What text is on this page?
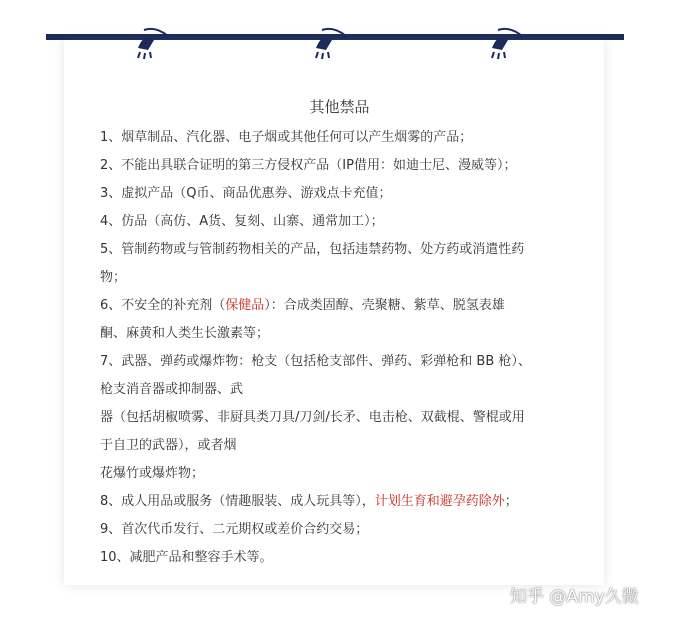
其他禁品
1、烟草制品、汽化器、电子烟或其他任何可以产生烟雾的产品；
2、不能出具联合证明的第三方侵权产品（IP借用：如迪士尼、漫威等）；
3、虚拟产品（Q币、商品优惠券、游戏点卡充值；
4、仿品（高仿、A货、复刻、山寨、通常加工）；
5、管制药物或与管制药物相关的产品，包括违禁药物、处方药或消遣性药
物；
6、不安全的补充剂（保健品）：合成类固醇、壳聚糖、紫草、脱氢表雄
酮、麻黄和人类生长激素等；
7、武器、弹药或爆炸物：枪支（包括枪支部件、弹药、彩弹枪和 BB 枪）、
枪支消音器或抑制器、武
器（包括胡椒喷雾、非厨具类刀具/刀剑/长矛、电击枪、双截棍、警棍或用
于自卫的武器），或者烟
花爆竹或爆炸物；
8、成人用品或服务（情趣服装、成人玩具等），计划生育和避孕药除外；
9、首次代币发行、二元期权或差价合约交易；
10、减肥产品和整容手术等。
知乎 @Amy久微
